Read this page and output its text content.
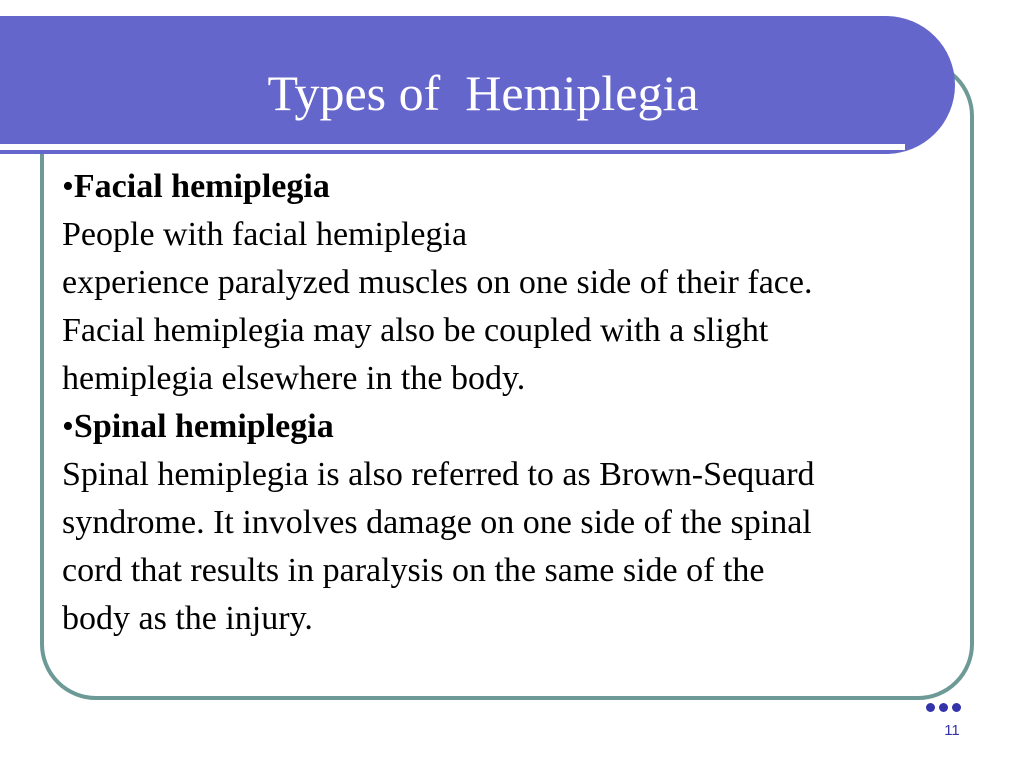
Types of  Hemiplegia
•Facial hemiplegia
People with facial hemiplegia
experience paralyzed muscles on one side of their face.
Facial hemiplegia may also be coupled with a slight
hemiplegia elsewhere in the body.
•Spinal hemiplegia
Spinal hemiplegia is also referred to as Brown-Sequard
syndrome. It involves damage on one side of the spinal
cord that results in paralysis on the same side of the
body as the injury.
11
